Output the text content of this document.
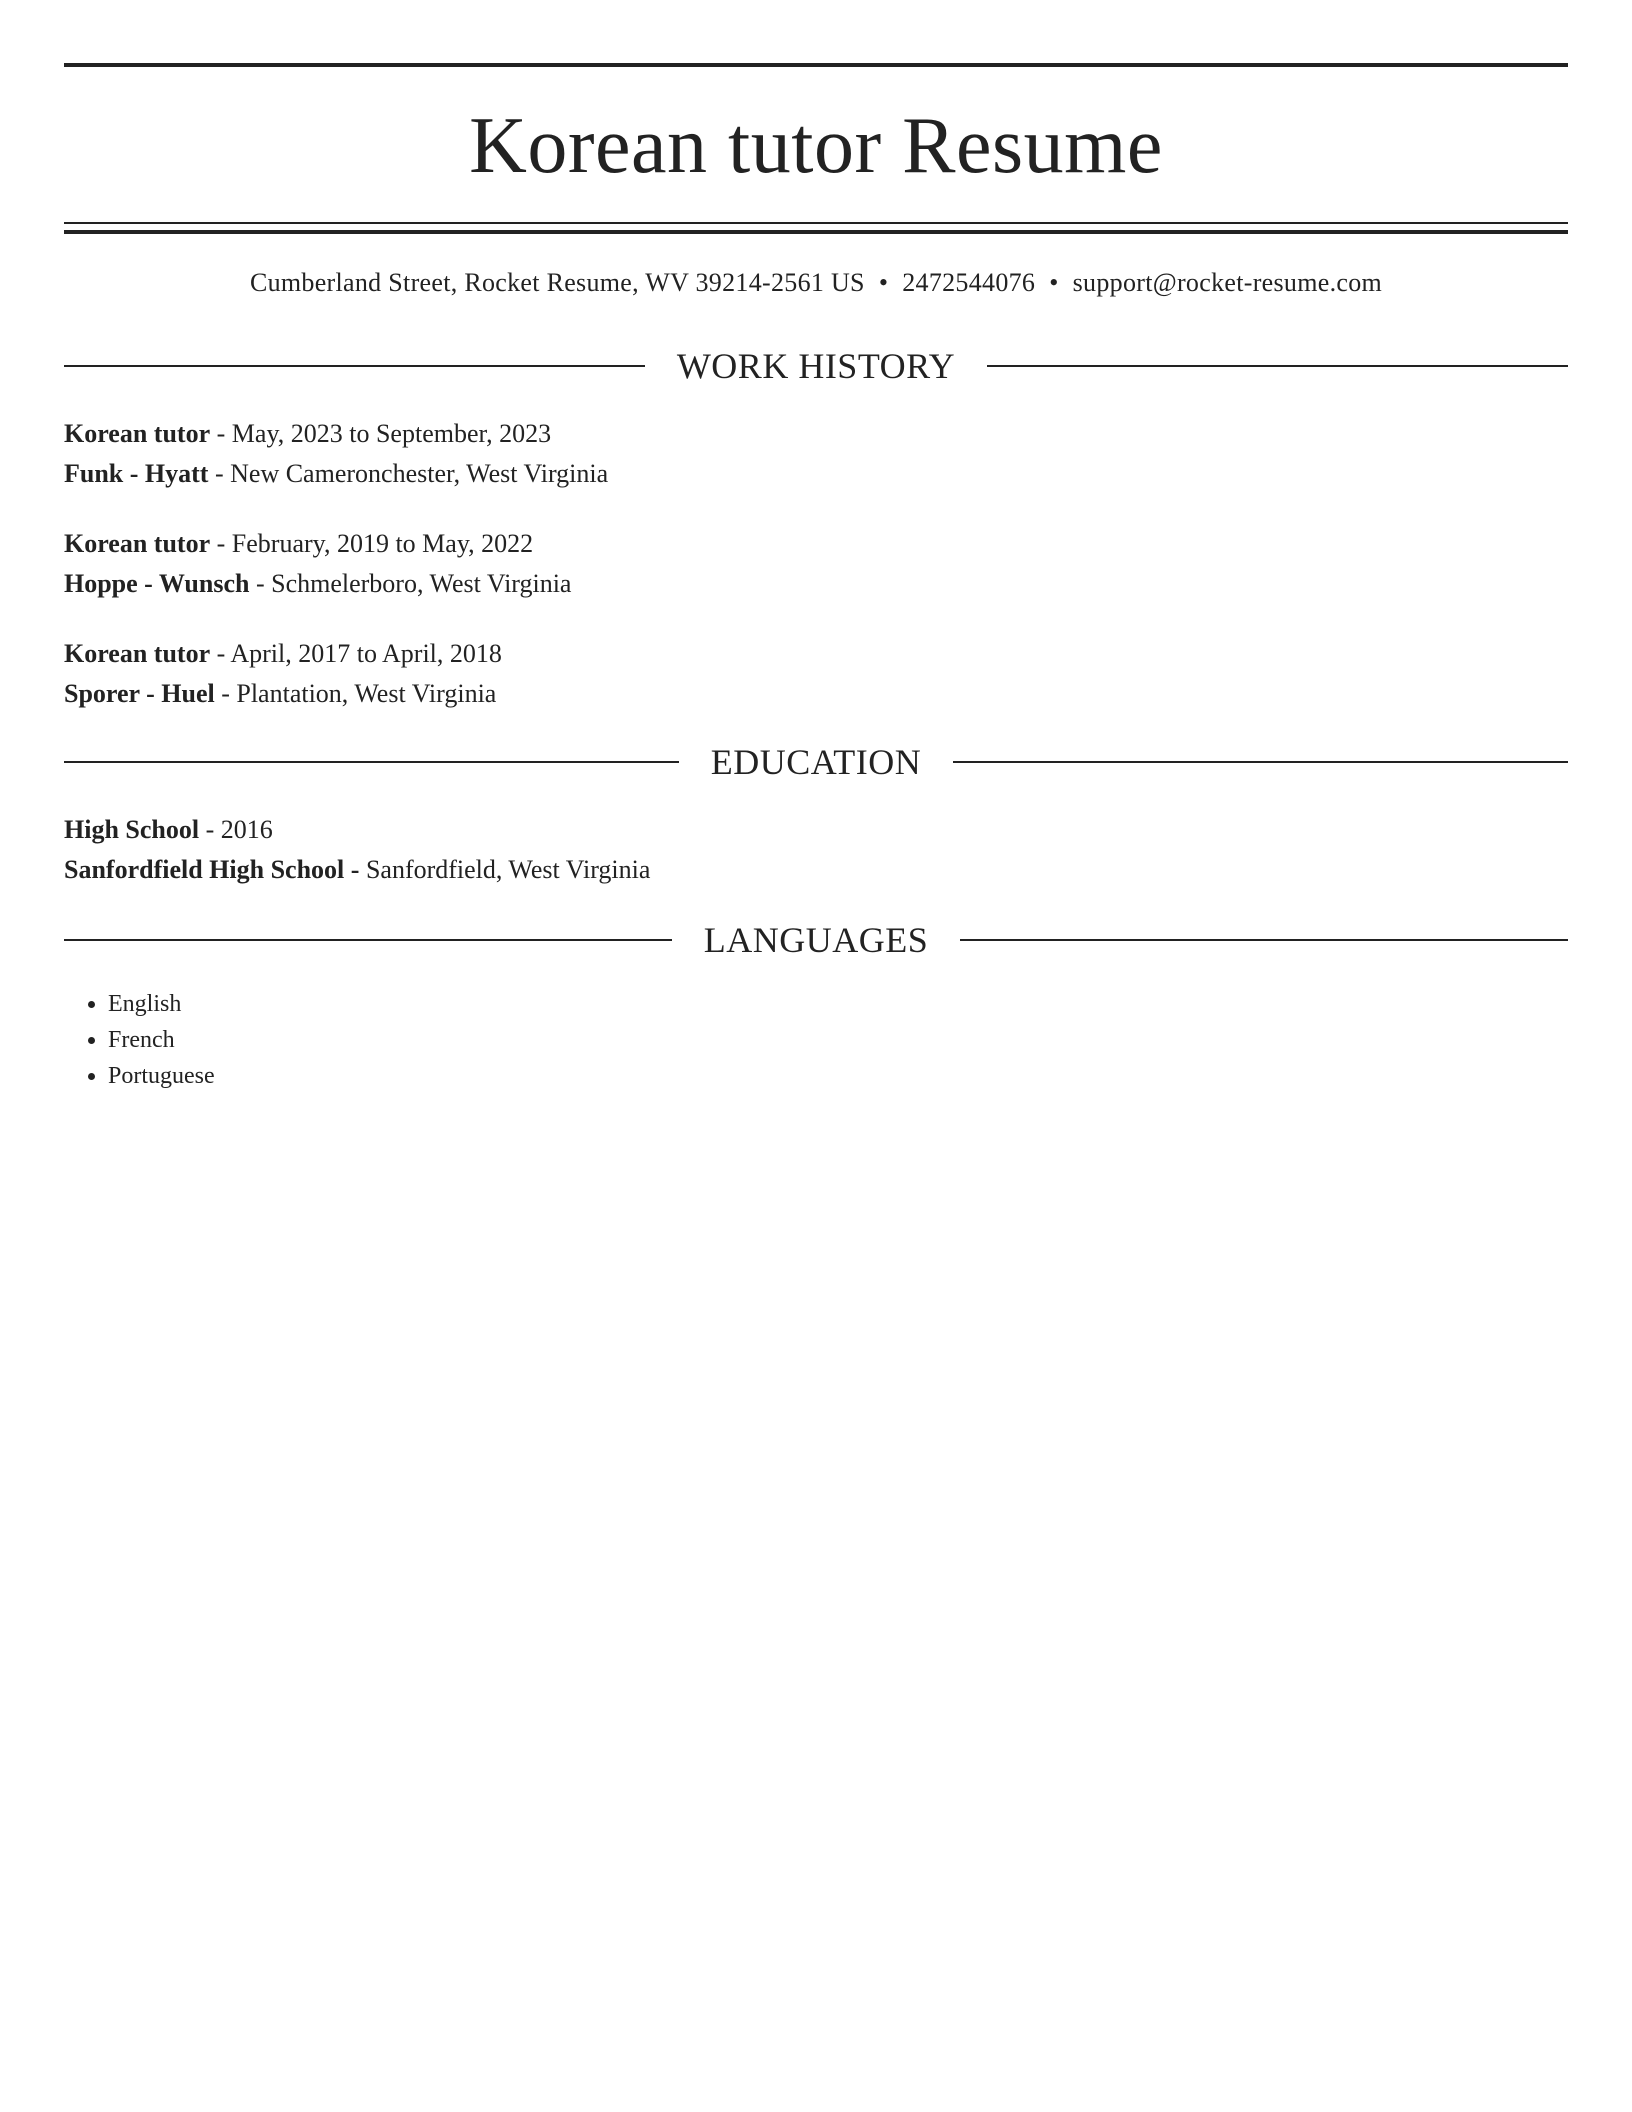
Korean tutor Resume
Cumberland Street, Rocket Resume, WV 39214-2561 US • 2472544076 • support@rocket-resume.com
WORK HISTORY
Korean tutor - May, 2023 to September, 2023
Funk - Hyatt - New Cameronchester, West Virginia
Korean tutor - February, 2019 to May, 2022
Hoppe - Wunsch - Schmelerboro, West Virginia
Korean tutor - April, 2017 to April, 2018
Sporer - Huel - Plantation, West Virginia
EDUCATION
High School - 2016
Sanfordfield High School - Sanfordfield, West Virginia
LANGUAGES
• English
• French
• Portuguese
